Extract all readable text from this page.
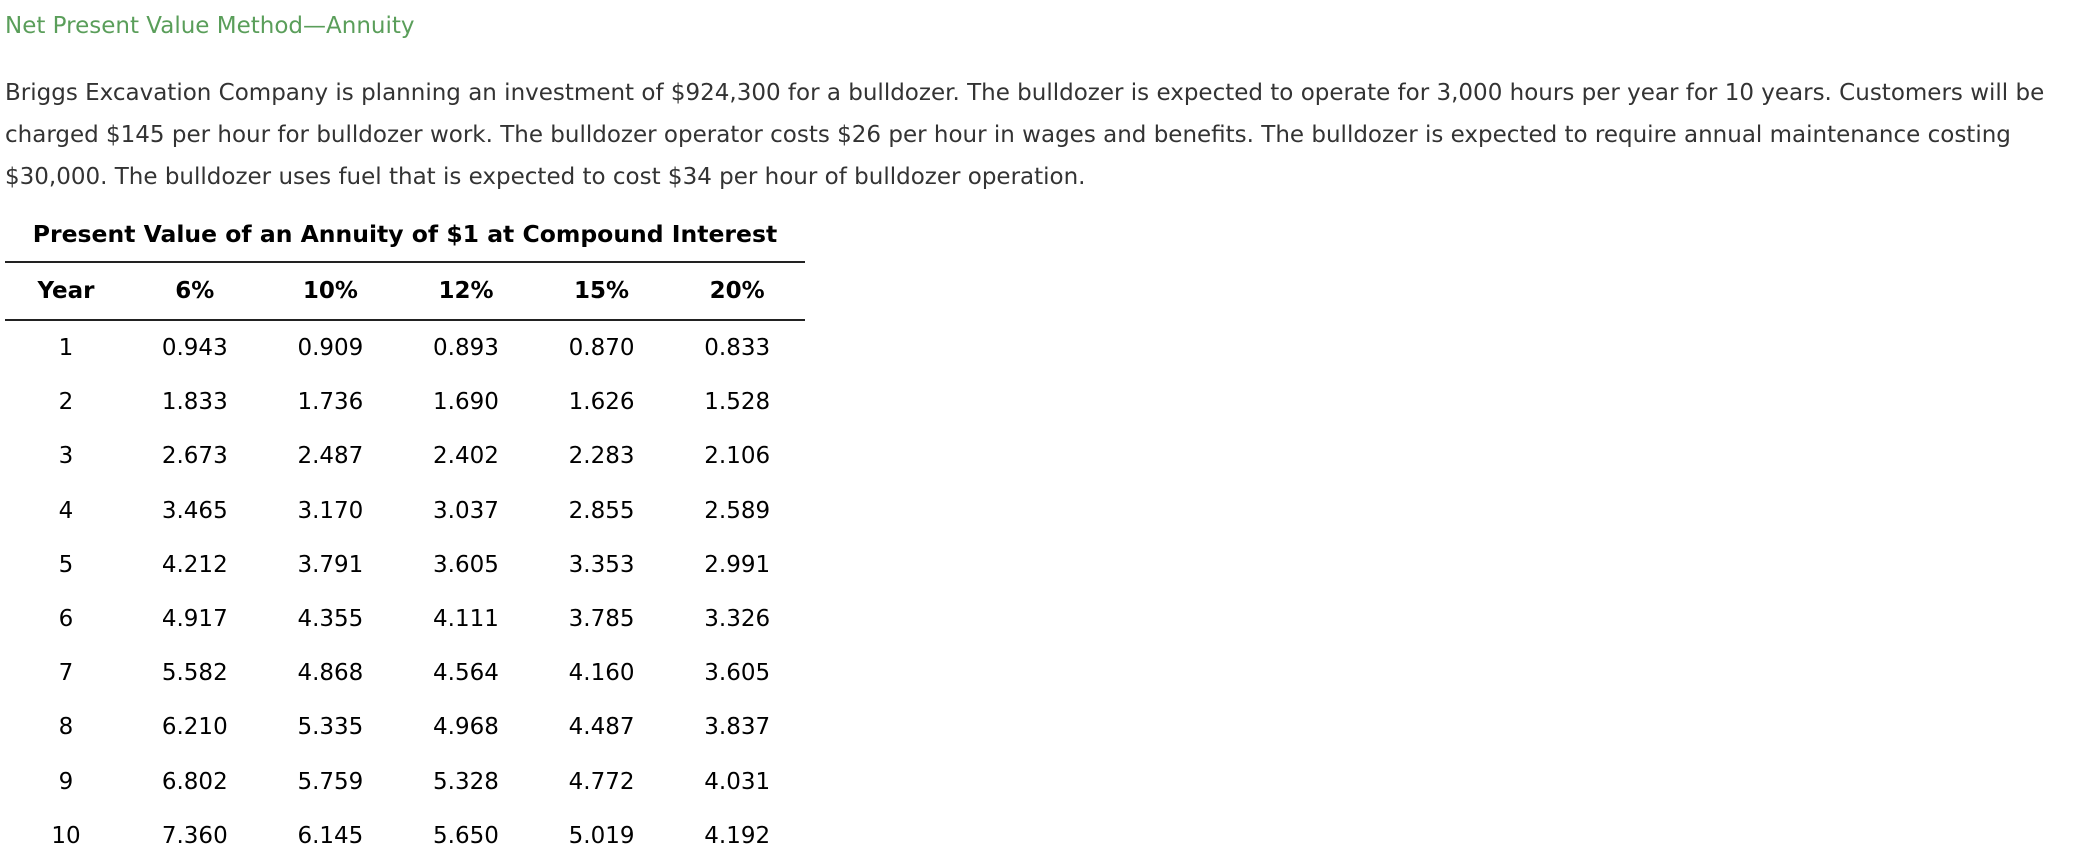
Net Present Value Method—Annuity
Briggs Excavation Company is planning an investment of $924,300 for a bulldozer. The bulldozer is expected to operate for 3,000 hours per year for 10 years. Customers will be charged $145 per hour for bulldozer work. The bulldozer operator costs $26 per hour in wages and benefits. The bulldozer is expected to require annual maintenance costing $30,000. The bulldozer uses fuel that is expected to cost $34 per hour of bulldozer operation.
Present Value of an Annuity of $1 at Compound Interest
Year	6%	10%	12%	15%	20%
1	0.943	0.909	0.893	0.870	0.833
2	1.833	1.736	1.690	1.626	1.528
3	2.673	2.487	2.402	2.283	2.106
4	3.465	3.170	3.037	2.855	2.589
5	4.212	3.791	3.605	3.353	2.991
6	4.917	4.355	4.111	3.785	3.326
7	5.582	4.868	4.564	4.160	3.605
8	6.210	5.335	4.968	4.487	3.837
9	6.802	5.759	5.328	4.772	4.031
10	7.360	6.145	5.650	5.019	4.192
